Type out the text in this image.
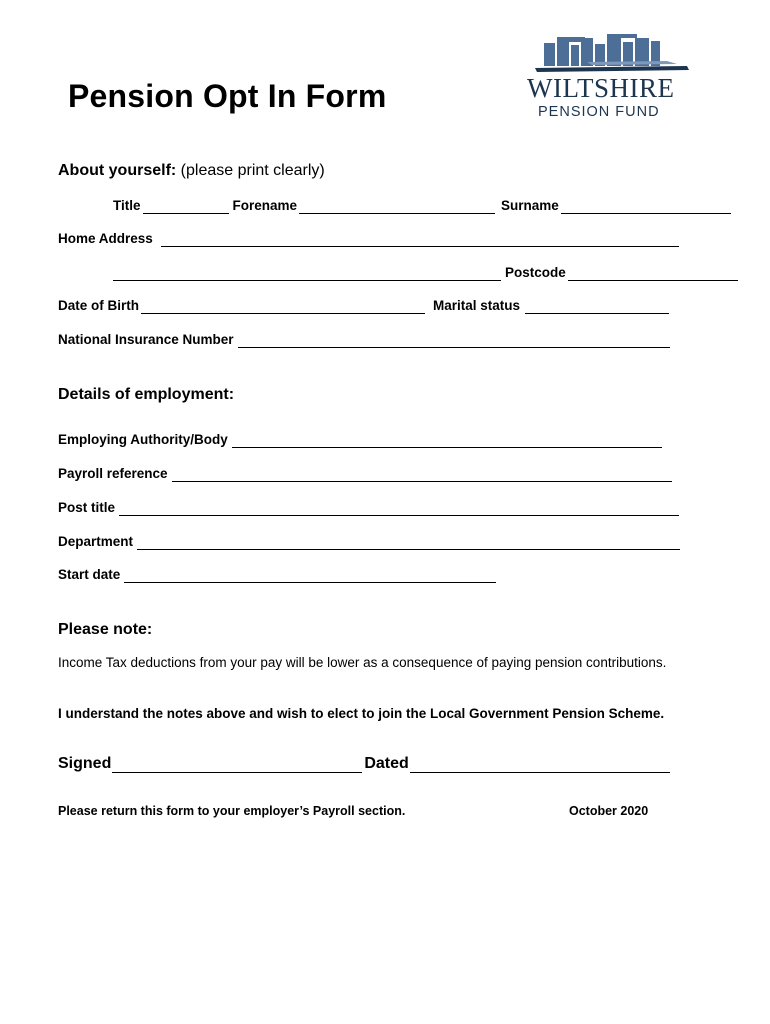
Pension Opt In Form	WILTSHIRE
PENSION FUND
About yourself: (please print clearly)
Title	Forename	Surname
Home Address
Postcode
Date of Birth	Marital status
National Insurance Number
Details of employment:
Employing Authority/Body
Payroll reference
Post title
Department
Start date
Please note:
Income Tax deductions from your pay will be lower as a consequence of paying pension contributions.
I understand the notes above and wish to elect to join the Local Government Pension Scheme.
Signed	Dated
Please return this form to your employer’s Payroll section.	October 2020
